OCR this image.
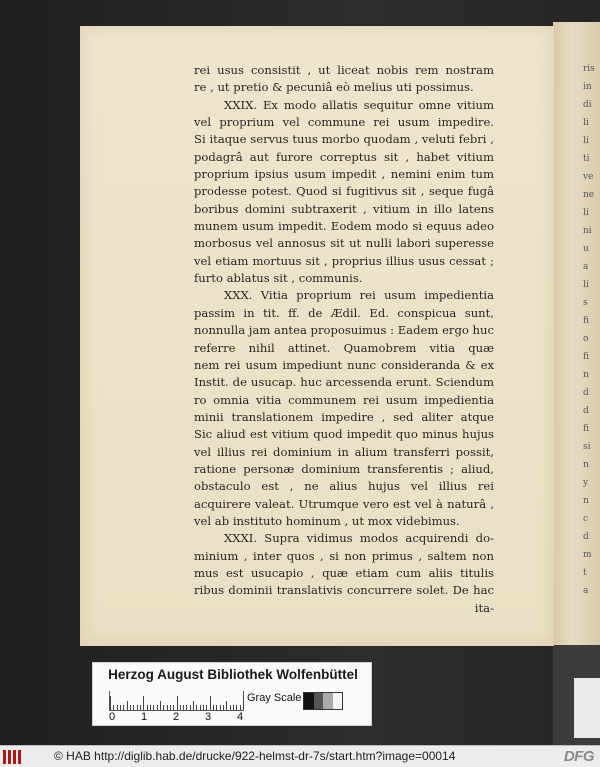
ris
in
di
li
li
ti
ve
ne
li
ni
u
a
li
s
fi
o
fi
n
d
d
fi
si
n
y
n
c
d
m
t
a
rei usus consistit , ut liceat nobis rem nostram
re , ut pretio & pecuniâ eò melius uti possimus.
XXIX. Ex modo allatis sequitur omne vitium
vel proprium vel commune rei usum impedire.
Si itaque servus tuus morbo quodam , veluti febri ,
podagrâ aut furore correptus sit , habet vitium
proprium ipsius usum impedit , nemini enim tum
prodesse potest. Quod si fugitivus sit , seque fugâ
boribus domini subtraxerit , vitium in illo latens
munem usum impedit. Eodem modo si equus adeo
morbosus vel annosus sit ut nulli labori superesse
vel etiam mortuus sit , proprius illius usus cessat ;
furto ablatus sit , communis.
XXX. Vitia proprium rei usum impedientia
passim in tit. ff. de Ædil. Ed. conspicua sunt,
nonnulla jam antea proposuimus : Eadem ergo huc
referre nihil attinet. Quamobrem vitia quæ
nem rei usum impediunt nunc consideranda & ex
Instit. de usucap. huc arcessenda erunt. Sciendum
ro omnia vitia communem rei usum impedientia
minii translationem impedire , sed aliter atque
Sic aliud est vitium quod impedit quo minus hujus
vel illius rei dominium in alium transferri possit,
ratione personæ dominium transferentis ; aliud,
obstaculo est , ne alius hujus vel illius rei
acquirere valeat. Utrumque vero est vel à naturâ ,
vel ab instituto hominum , ut mox videbimus.
XXXI. Supra vidimus modos acquirendi do-
minium , inter quos , si non primus , saltem non
mus est usucapio , quæ etiam cum aliis titulis
ribus dominii translativis concurrere solet. De hac
ita-
Herzog August Bibliothek Wolfenbüttel
0 1 2 3 4
Gray Scale
© HAB http://diglib.hab.de/drucke/922-helmst-dr-7s/start.htm?image=00014	DFG
